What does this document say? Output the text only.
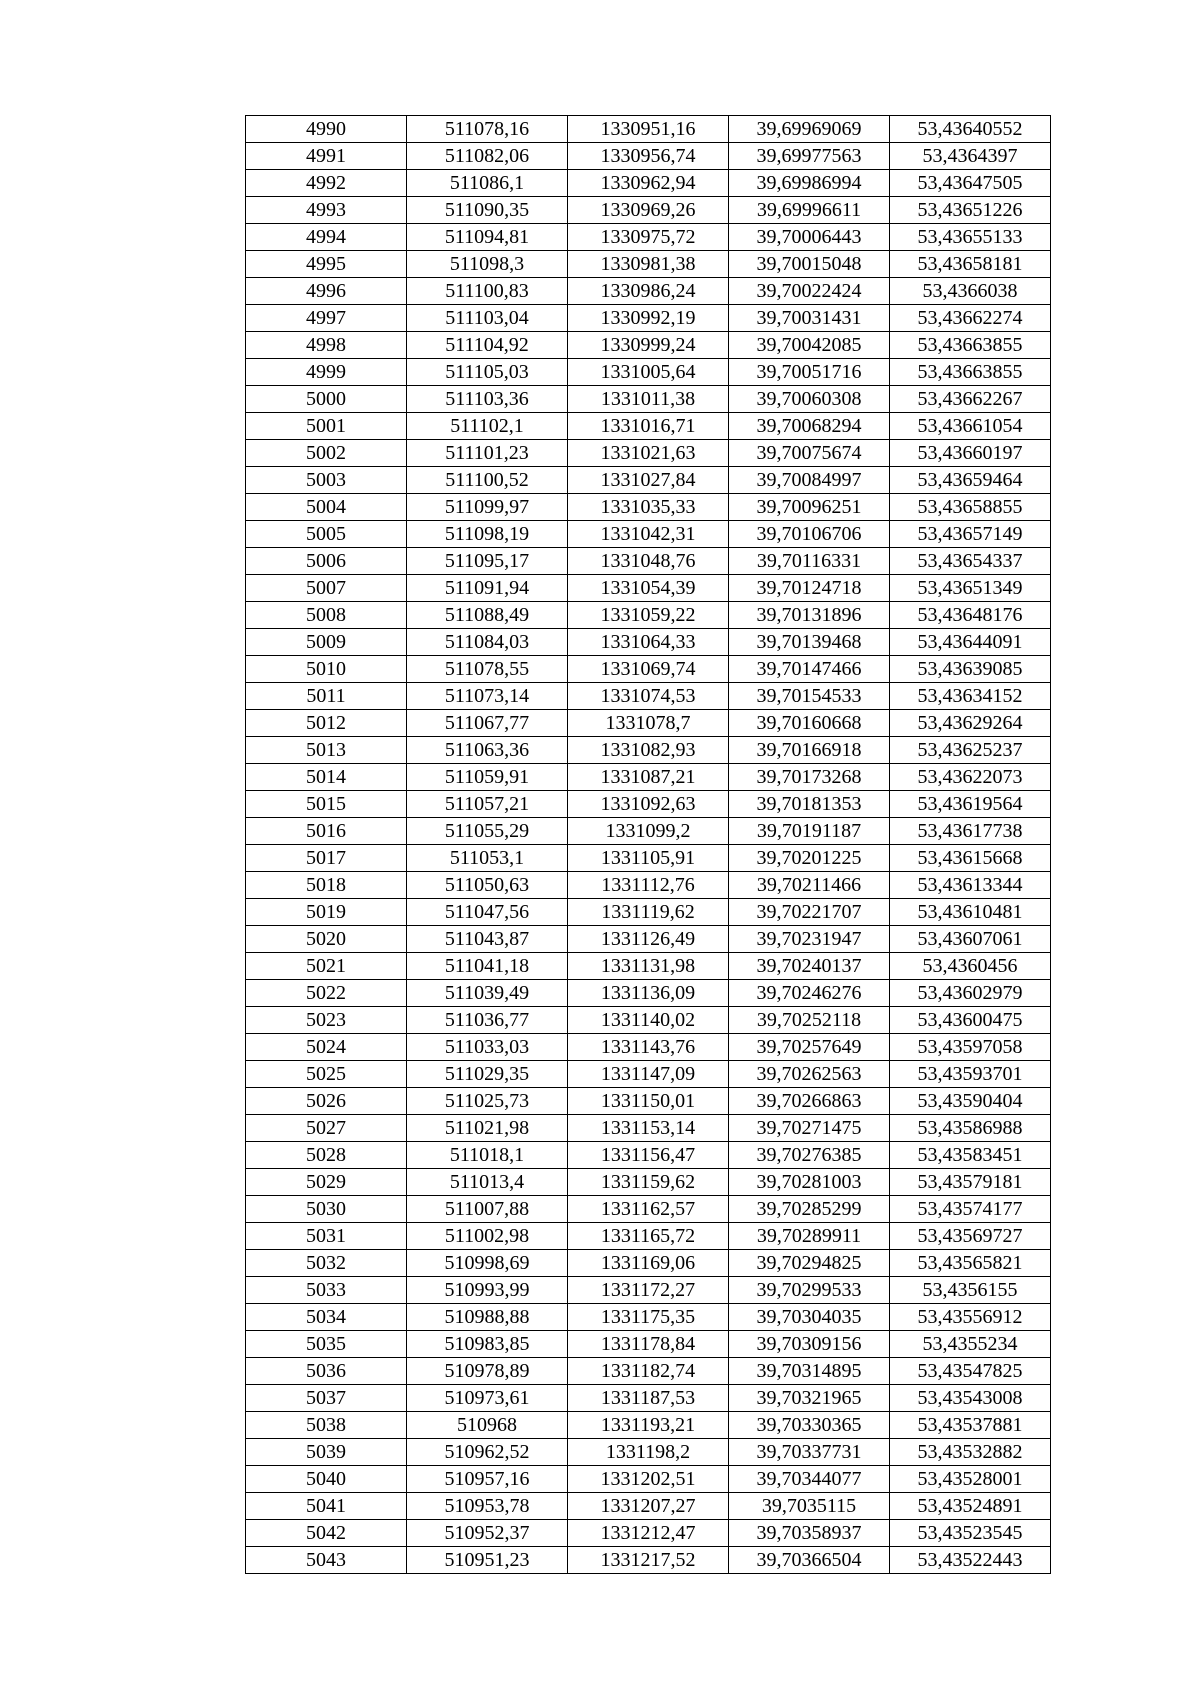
4990	511078,16	1330951,16	39,69969069	53,43640552
4991	511082,06	1330956,74	39,69977563	53,4364397
4992	511086,1	1330962,94	39,69986994	53,43647505
4993	511090,35	1330969,26	39,69996611	53,43651226
4994	511094,81	1330975,72	39,70006443	53,43655133
4995	511098,3	1330981,38	39,70015048	53,43658181
4996	511100,83	1330986,24	39,70022424	53,4366038
4997	511103,04	1330992,19	39,70031431	53,43662274
4998	511104,92	1330999,24	39,70042085	53,43663855
4999	511105,03	1331005,64	39,70051716	53,43663855
5000	511103,36	1331011,38	39,70060308	53,43662267
5001	511102,1	1331016,71	39,70068294	53,43661054
5002	511101,23	1331021,63	39,70075674	53,43660197
5003	511100,52	1331027,84	39,70084997	53,43659464
5004	511099,97	1331035,33	39,70096251	53,43658855
5005	511098,19	1331042,31	39,70106706	53,43657149
5006	511095,17	1331048,76	39,70116331	53,43654337
5007	511091,94	1331054,39	39,70124718	53,43651349
5008	511088,49	1331059,22	39,70131896	53,43648176
5009	511084,03	1331064,33	39,70139468	53,43644091
5010	511078,55	1331069,74	39,70147466	53,43639085
5011	511073,14	1331074,53	39,70154533	53,43634152
5012	511067,77	1331078,7	39,70160668	53,43629264
5013	511063,36	1331082,93	39,70166918	53,43625237
5014	511059,91	1331087,21	39,70173268	53,43622073
5015	511057,21	1331092,63	39,70181353	53,43619564
5016	511055,29	1331099,2	39,70191187	53,43617738
5017	511053,1	1331105,91	39,70201225	53,43615668
5018	511050,63	1331112,76	39,70211466	53,43613344
5019	511047,56	1331119,62	39,70221707	53,43610481
5020	511043,87	1331126,49	39,70231947	53,43607061
5021	511041,18	1331131,98	39,70240137	53,4360456
5022	511039,49	1331136,09	39,70246276	53,43602979
5023	511036,77	1331140,02	39,70252118	53,43600475
5024	511033,03	1331143,76	39,70257649	53,43597058
5025	511029,35	1331147,09	39,70262563	53,43593701
5026	511025,73	1331150,01	39,70266863	53,43590404
5027	511021,98	1331153,14	39,70271475	53,43586988
5028	511018,1	1331156,47	39,70276385	53,43583451
5029	511013,4	1331159,62	39,70281003	53,43579181
5030	511007,88	1331162,57	39,70285299	53,43574177
5031	511002,98	1331165,72	39,70289911	53,43569727
5032	510998,69	1331169,06	39,70294825	53,43565821
5033	510993,99	1331172,27	39,70299533	53,4356155
5034	510988,88	1331175,35	39,70304035	53,43556912
5035	510983,85	1331178,84	39,70309156	53,4355234
5036	510978,89	1331182,74	39,70314895	53,43547825
5037	510973,61	1331187,53	39,70321965	53,43543008
5038	510968	1331193,21	39,70330365	53,43537881
5039	510962,52	1331198,2	39,70337731	53,43532882
5040	510957,16	1331202,51	39,70344077	53,43528001
5041	510953,78	1331207,27	39,7035115	53,43524891
5042	510952,37	1331212,47	39,70358937	53,43523545
5043	510951,23	1331217,52	39,70366504	53,43522443
